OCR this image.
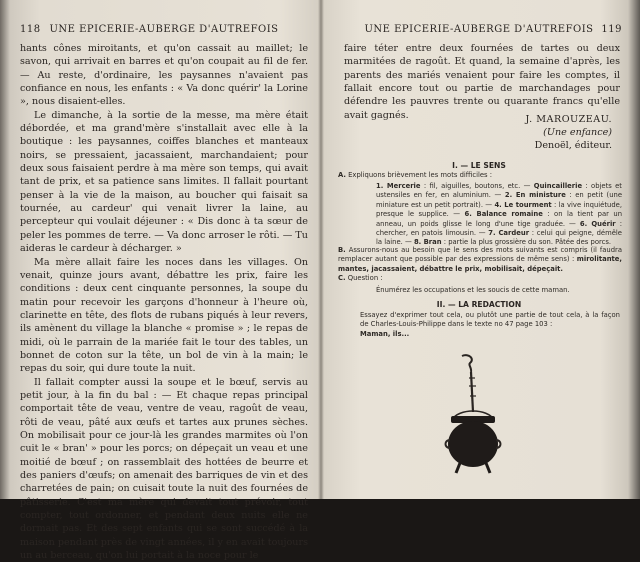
118 UNE EPICERIE-AUBERGE D'AUTREFOIS

hants cônes miroitants, et qu'on cassait au maillet; le savon, qui arrivait en barres et qu'on coupait au fil de fer. — Au reste, d'ordinaire, les paysannes n'avaient pas confiance en nous, les enfants : « Va donc quérir' la Lorine », nous disaient-elles.

Le dimanche, à la sortie de la messe, ma mère était débordée, et ma grand'mère s'installait avec elle à la boutique : les paysannes, coiffes blanches et manteaux noirs, se pressaient, jacassaient, marchandaient; pour deux sous faisaient perdre à ma mère son temps, qui avait tant de prix, et sa patience sans limites. Il fallait pourtant penser à la vie de la maison, au boucher qui faisait sa tournée, au cardeur' qui venait livrer la laine, au percepteur qui voulait déjeuner : « Dis donc à ta sœur de peler les pommes de terre. — Va donc arroser le rôti. — Tu aideras le cardeur à décharger. »

Ma mère allait faire les noces dans les villages. On venait, quinze jours avant, débattre les prix, faire les conditions : deux cent cinquante personnes, la soupe du matin pour recevoir les garçons d'honneur à l'heure où, clarinette en tête, des flots de rubans piqués à leur revers, ils amènent du village la blanche « promise » ; le repas de midi, où le parrain de la mariée fait le tour des tables, un bonnet de coton sur la tête, un bol de vin à la main; le repas du soir, qui dure toute la nuit.

Il fallait compter aussi la soupe et le bœuf, servis au petit jour, à la fin du bal : — Et chaque repas principal comportait tête de veau, ventre de veau, ragoût de veau, rôti de veau, pâté aux œufs et tartes aux prunes sèches. On mobilisait pour ce jour-là les grandes marmites où l'on cuit le « bran' » pour les porcs; on dépeçait un veau et une moitié de bœuf ; on rassemblait des hottées de beurre et des paniers d'œufs; on amenait des barriques de vin et des charretées de pain; on cuisait toute la nuit des fournées de pâtisserie. C'est ma mère qui devait tout prévoir, tout compter, tout ordonner, et pendant deux nuits elle ne dormait pas. Et des sept enfants qui se sont succédé à la maison pendant près de vingt années, il y en avait toujours un au berceau, qu'on lui portait à la noce pour le

UNE EPICERIE-AUBERGE D'AUTREFOIS 119

faire téter entre deux fournées de tartes ou deux marmitées de ragoût. Et quand, la semaine d'après, les parents des mariés venaient pour faire les comptes, il fallait encore tout ou partie de marchandages pour défendre les pauvres trente ou quarante francs qu'elle avait gagnés.	J. MAROUZEAU.
(Une enfance)
Denoël, éditeur.
I. — LE SENS
A. Expliquons brièvement les mots difficiles :
1. Mercerie : fil, aiguilles, boutons, etc. — Quincaillerie : objets et ustensiles en fer, en aluminium. — 2. En ministure : en petit (une miniature est un petit portrait). — 4. Le tourment : la vive inquiétude, presque le supplice. — 6. Balance romaine : on la tient par un anneau, un poids glisse le long d'une tige graduée. — 6. Quérir : chercher, en patois limousin. — 7. Cardeur : celui qui peigne, démêle la laine. — 8. Bran : partie la plus grossière du son. Pâtée des porcs.
B. Assurons-nous au besoin que le sens des mots suivants est compris (il faudra remplacer autant que possible par des expressions de même sens) : mirolitante, mantes, jacassaient, débattre le prix, mobilisait, dépeçait.
C. Question :
Énumérez les occupations et les soucis de cette maman.
II. — LA REDACTION
Essayez d'exprimer tout cela, ou plutôt une partie de tout cela, à la façon de Charles-Louis-Philippe dans le texte no 47 page 103 :
Maman, ils...
